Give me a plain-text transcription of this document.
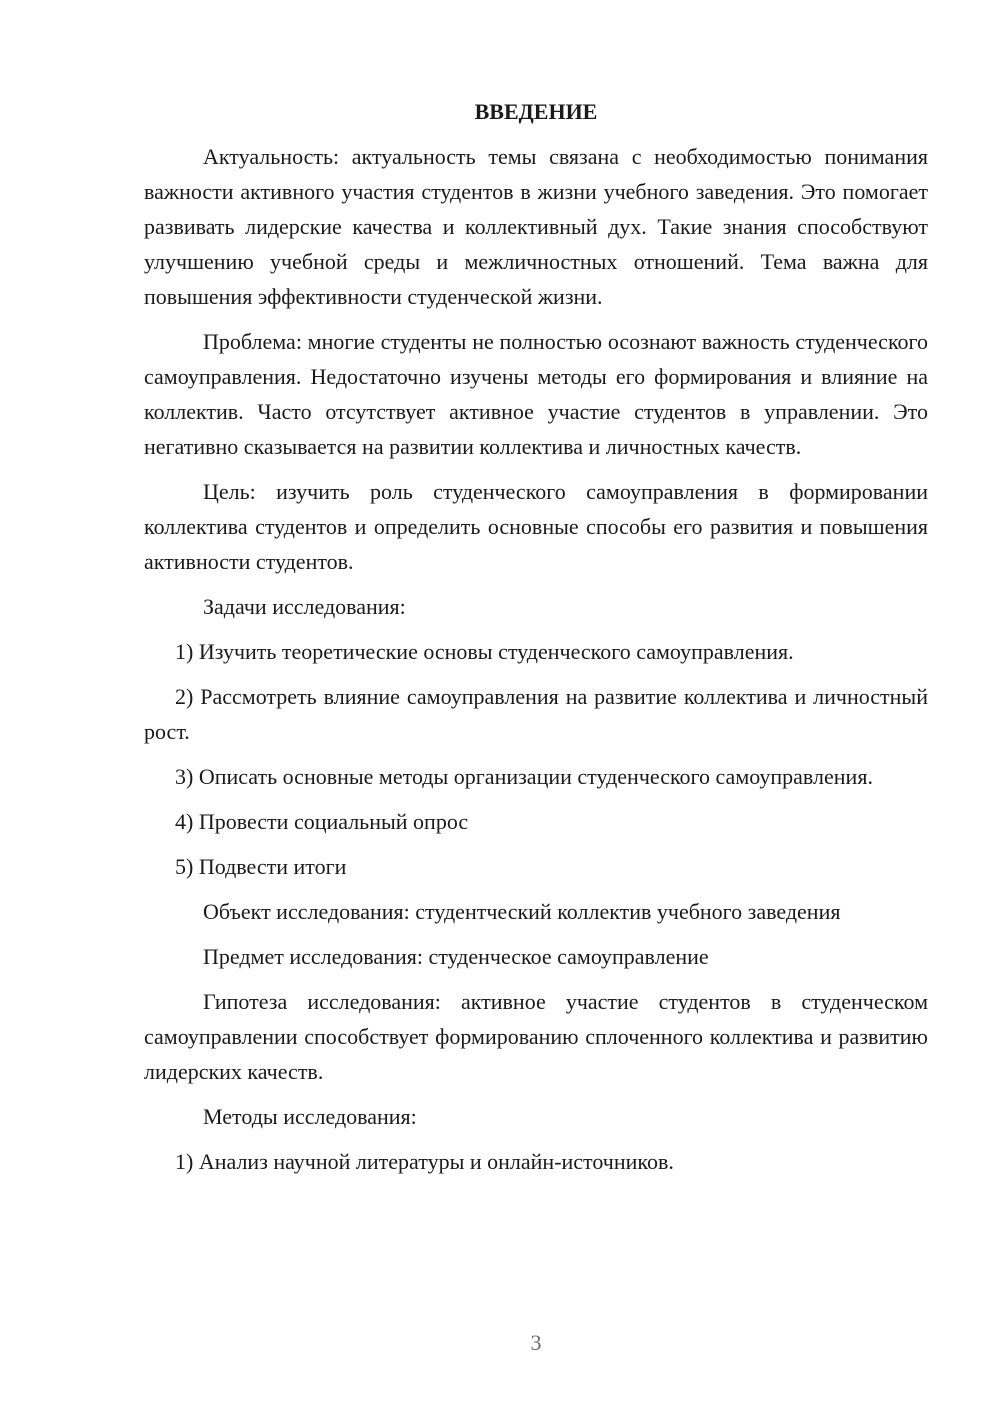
ВВЕДЕНИЕ

Актуальность: актуальность темы связана с необходимостью понимания важности активного участия студентов в жизни учебного заведения. Это помогает развивать лидерские качества и коллективный дух. Такие знания способствуют улучшению учебной среды и межличностных отношений. Тема важна для повышения эффективности студенческой жизни.

Проблема: многие студенты не полностью осознают важность студенческого самоуправления. Недостаточно изучены методы его формирования и влияние на коллектив. Часто отсутствует активное участие студентов в управлении. Это негативно сказывается на развитии коллектива и личностных качеств.

Цель: изучить роль студенческого самоуправления в формировании коллектива студентов и определить основные способы его развития и повышения активности студентов.

Задачи исследования:

1) Изучить теоретические основы студенческого самоуправления.

2) Рассмотреть влияние самоуправления на развитие коллектива и личностный рост.

3) Описать основные методы организации студенческого самоуправления.

4) Провести социальный опрос

5) Подвести итоги

Объект исследования: студентческий коллектив учебного заведения

Предмет исследования: студенческое самоуправление

Гипотеза исследования: активное участие студентов в студенческом самоуправлении способствует формированию сплоченного коллектива и развитию лидерских качеств.

Методы исследования:

1) Анализ научной литературы и онлайн-источников.

3
